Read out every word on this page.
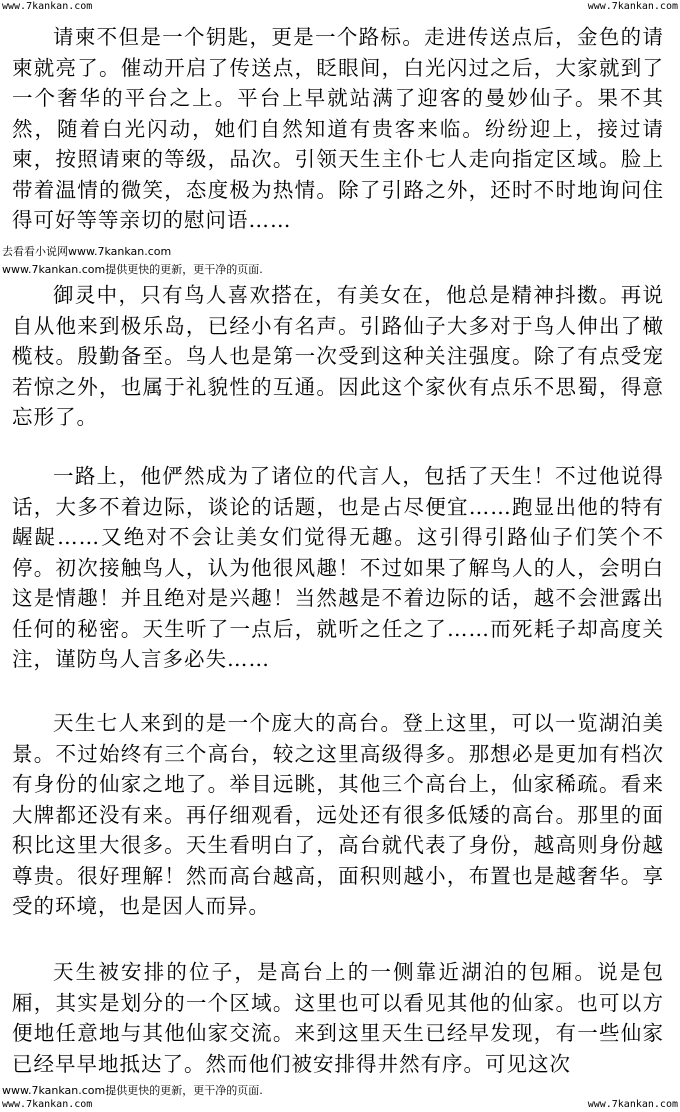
www.7kankan.com	www.7kankan.com

请柬不但是一个钥匙，更是一个路标。走进传送点后，金色的请柬就亮了。催动开启了传送点，眨眼间，白光闪过之后，大家就到了一个奢华的平台之上。平台上早就站满了迎客的曼妙仙子。果不其然，随着白光闪动，她们自然知道有贵客来临。纷纷迎上，接过请柬，按照请柬的等级，品次。引领天生主仆七人走向指定区域。脸上带着温情的微笑，态度极为热情。除了引路之外，还时不时地询问住得可好等等亲切的慰问语……

去看看小说网www.7kankan.com
www.7kankan.com提供更快的更新，更干净的页面.

御灵中，只有鸟人喜欢搭在，有美女在，他总是精神抖擞。再说自从他来到极乐岛，已经小有名声。引路仙子大多对于鸟人伸出了橄榄枝。殷勤备至。鸟人也是第一次受到这种关注强度。除了有点受宠若惊之外，也属于礼貌性的互通。因此这个家伙有点乐不思蜀，得意忘形了。

一路上，他俨然成为了诸位的代言人，包括了天生！不过他说得话，大多不着边际，谈论的话题，也是占尽便宜……跑显出他的特有龌龊……又绝对不会让美女们觉得无趣。这引得引路仙子们笑个不停。初次接触鸟人，认为他很风趣！不过如果了解鸟人的人，会明白这是情趣！并且绝对是兴趣！当然越是不着边际的话，越不会泄露出任何的秘密。天生听了一点后，就听之任之了……而死耗子却高度关注，谨防鸟人言多必失……

天生七人来到的是一个庞大的高台。登上这里，可以一览湖泊美景。不过始终有三个高台，较之这里高级得多。那想必是更加有档次有身份的仙家之地了。举目远眺，其他三个高台上，仙家稀疏。看来大牌都还没有来。再仔细观看，远处还有很多低矮的高台。那里的面积比这里大很多。天生看明白了，高台就代表了身份，越高则身份越尊贵。很好理解！然而高台越高，面积则越小，布置也是越奢华。享受的环境，也是因人而异。

天生被安排的位子，是高台上的一侧靠近湖泊的包厢。说是包厢，其实是划分的一个区域。这里也可以看见其他的仙家。也可以方便地任意地与其他仙家交流。来到这里天生已经早发现，有一些仙家已经早早地抵达了。然而他们被安排得井然有序。可见这次

www.7kankan.com提供更快的更新，更干净的页面.
www.7kankan.com	www.7kankan.com
